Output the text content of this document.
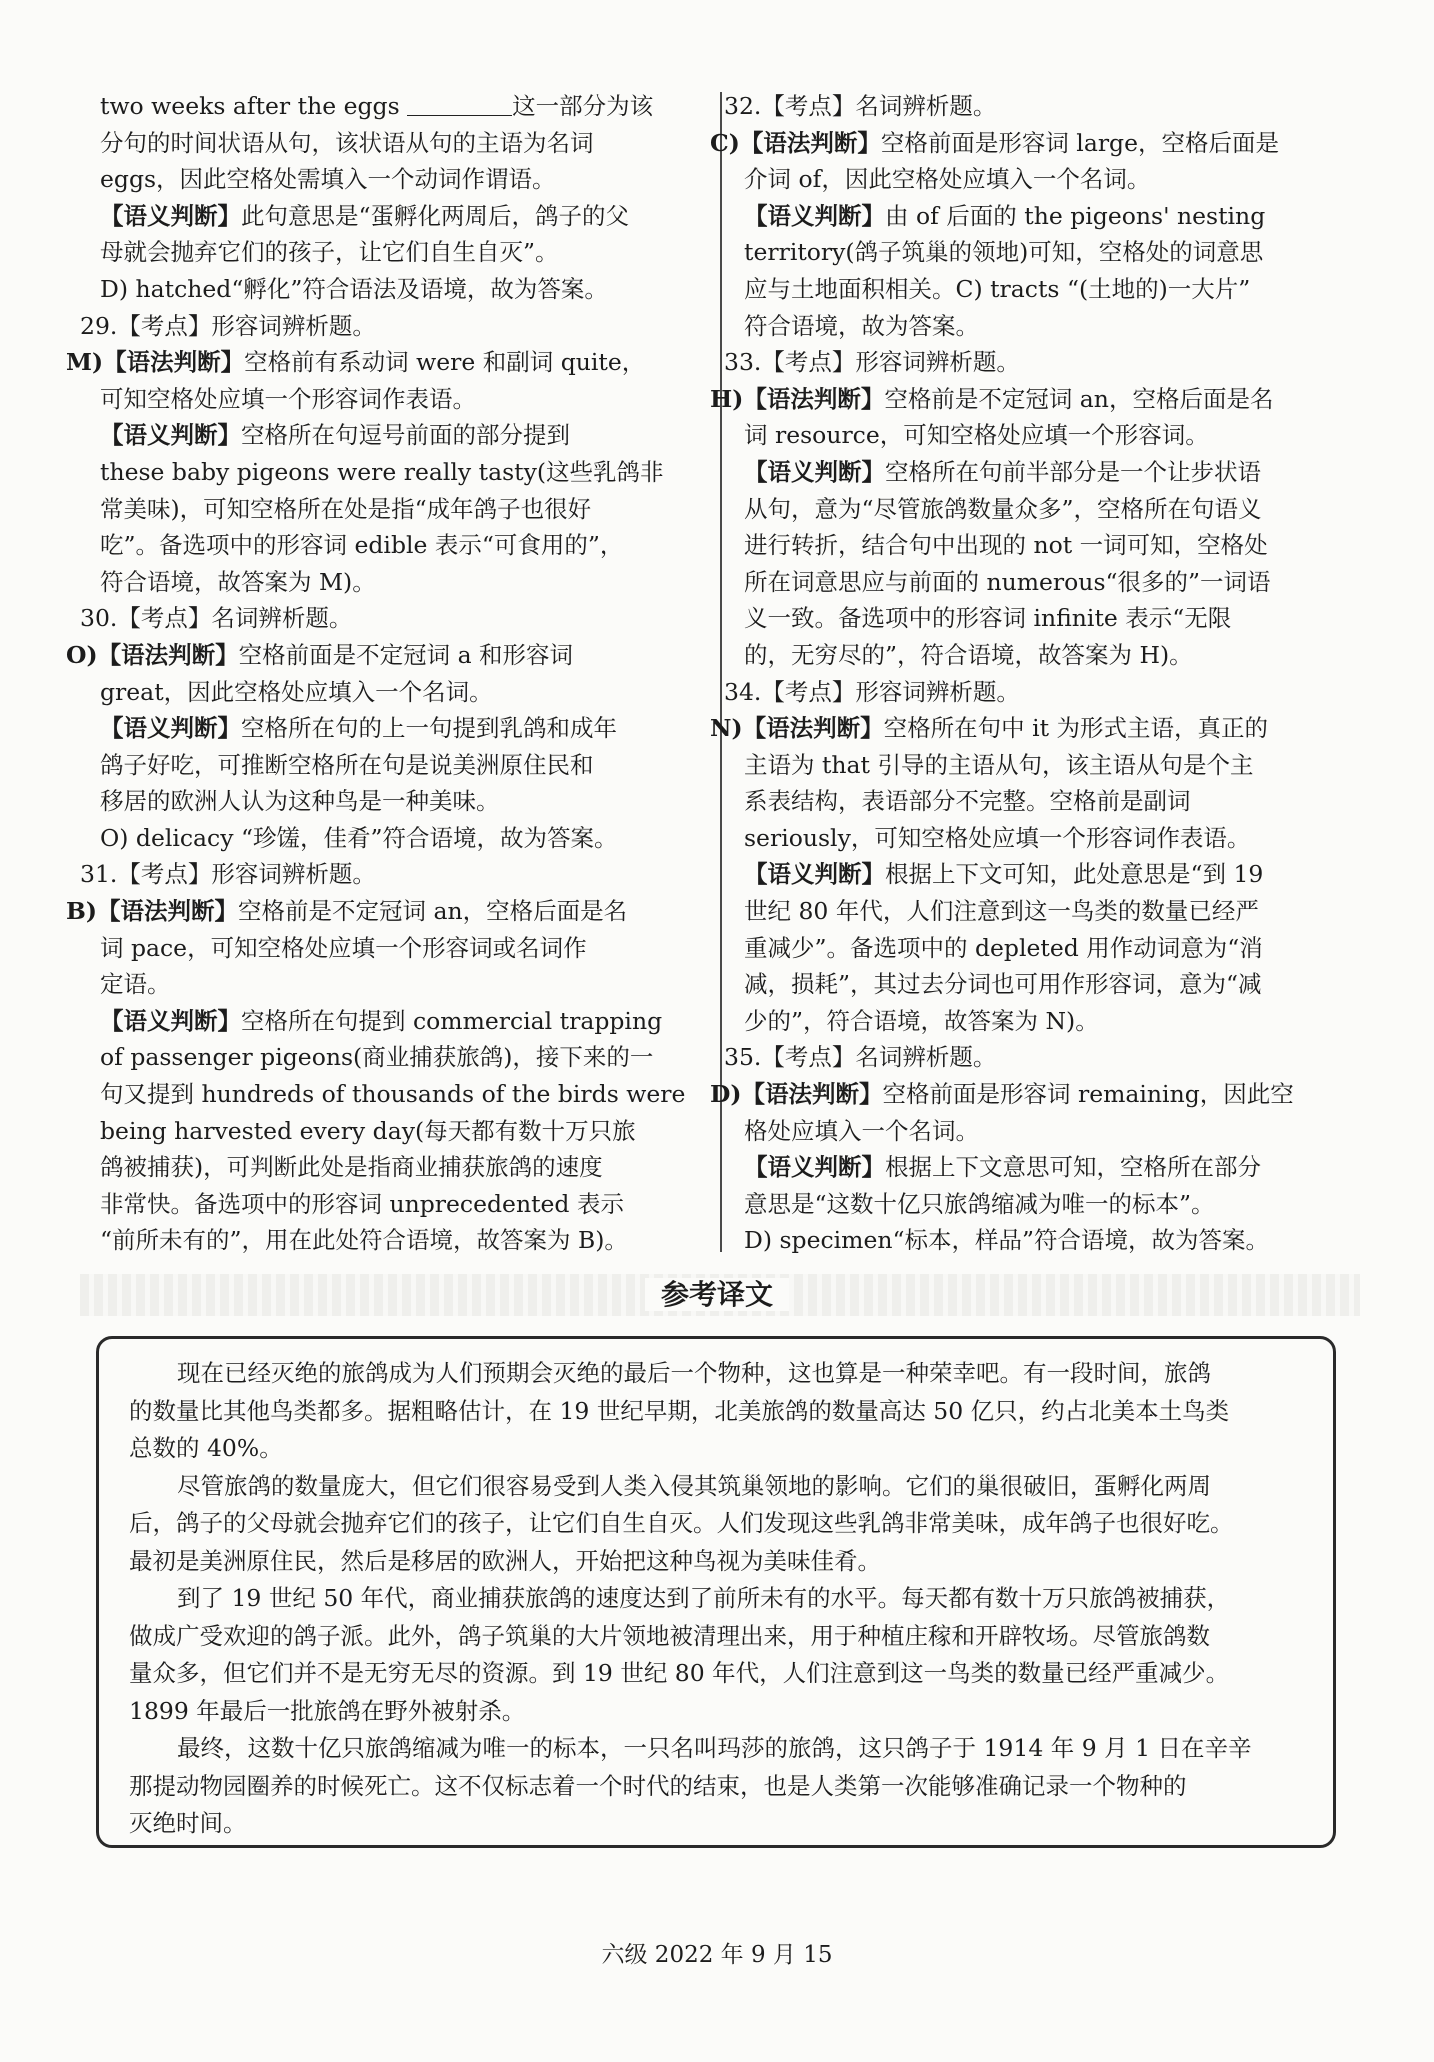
two weeks after the eggs	这一部分为该
分句的时间状语从句，该状语从句的主语为名词
eggs，因此空格处需填入一个动词作谓语。
【语义判断】此句意思是“蛋孵化两周后，鸽子的父
母就会抛弃它们的孩子，让它们自生自灭”。
D) hatched“孵化”符合语法及语境，故为答案。
29.【考点】形容词辨析题。
M)【语法判断】空格前有系动词 were 和副词 quite，
可知空格处应填一个形容词作表语。
【语义判断】空格所在句逗号前面的部分提到
these baby pigeons were really tasty(这些乳鸽非
常美味)，可知空格所在处是指“成年鸽子也很好
吃”。备选项中的形容词 edible 表示“可食用的”，
符合语境，故答案为 M)。
30.【考点】名词辨析题。
O)【语法判断】空格前面是不定冠词 a 和形容词
great，因此空格处应填入一个名词。
【语义判断】空格所在句的上一句提到乳鸽和成年
鸽子好吃，可推断空格所在句是说美洲原住民和
移居的欧洲人认为这种鸟是一种美味。
O) delicacy “珍馐，佳肴”符合语境，故为答案。
31.【考点】形容词辨析题。
B)【语法判断】空格前是不定冠词 an，空格后面是名
词 pace，可知空格处应填一个形容词或名词作
定语。
【语义判断】空格所在句提到 commercial trapping
of passenger pigeons(商业捕获旅鸽)，接下来的一
句又提到 hundreds of thousands of the birds were
being harvested every day(每天都有数十万只旅
鸽被捕获)，可判断此处是指商业捕获旅鸽的速度
非常快。备选项中的形容词 unprecedented 表示
“前所未有的”，用在此处符合语境，故答案为 B)。
32.【考点】名词辨析题。
C)【语法判断】空格前面是形容词 large，空格后面是
介词 of，因此空格处应填入一个名词。
【语义判断】由 of 后面的 the pigeons' nesting
territory(鸽子筑巢的领地)可知，空格处的词意思
应与土地面积相关。C) tracts “(土地的)一大片”
符合语境，故为答案。
33.【考点】形容词辨析题。
H)【语法判断】空格前是不定冠词 an，空格后面是名
词 resource，可知空格处应填一个形容词。
【语义判断】空格所在句前半部分是一个让步状语
从句，意为“尽管旅鸽数量众多”，空格所在句语义
进行转折，结合句中出现的 not 一词可知，空格处
所在词意思应与前面的 numerous“很多的”一词语
义一致。备选项中的形容词 infinite 表示“无限
的，无穷尽的”，符合语境，故答案为 H)。
34.【考点】形容词辨析题。
N)【语法判断】空格所在句中 it 为形式主语，真正的
主语为 that 引导的主语从句，该主语从句是个主
系表结构，表语部分不完整。空格前是副词
seriously，可知空格处应填一个形容词作表语。
【语义判断】根据上下文可知，此处意思是“到 19
世纪 80 年代，人们注意到这一鸟类的数量已经严
重减少”。备选项中的 depleted 用作动词意为“消
减，损耗”，其过去分词也可用作形容词，意为“减
少的”，符合语境，故答案为 N)。
35.【考点】名词辨析题。
D)【语法判断】空格前面是形容词 remaining，因此空
格处应填入一个名词。
【语义判断】根据上下文意思可知，空格所在部分
意思是“这数十亿只旅鸽缩减为唯一的标本”。
D) specimen“标本，样品”符合语境，故为答案。
参考译文
现在已经灭绝的旅鸽成为人们预期会灭绝的最后一个物种，这也算是一种荣幸吧。有一段时间，旅鸽
的数量比其他鸟类都多。据粗略估计，在 19 世纪早期，北美旅鸽的数量高达 50 亿只，约占北美本土鸟类
总数的 40%。
尽管旅鸽的数量庞大，但它们很容易受到人类入侵其筑巢领地的影响。它们的巢很破旧，蛋孵化两周
后，鸽子的父母就会抛弃它们的孩子，让它们自生自灭。人们发现这些乳鸽非常美味，成年鸽子也很好吃。
最初是美洲原住民，然后是移居的欧洲人，开始把这种鸟视为美味佳肴。
到了 19 世纪 50 年代，商业捕获旅鸽的速度达到了前所未有的水平。每天都有数十万只旅鸽被捕获，
做成广受欢迎的鸽子派。此外，鸽子筑巢的大片领地被清理出来，用于种植庄稼和开辟牧场。尽管旅鸽数
量众多，但它们并不是无穷无尽的资源。到 19 世纪 80 年代，人们注意到这一鸟类的数量已经严重减少。
1899 年最后一批旅鸽在野外被射杀。
最终，这数十亿只旅鸽缩减为唯一的标本，一只名叫玛莎的旅鸽，这只鸽子于 1914 年 9 月 1 日在辛辛
那提动物园圈养的时候死亡。这不仅标志着一个时代的结束，也是人类第一次能够准确记录一个物种的
灭绝时间。
六级 2022 年 9 月 15
